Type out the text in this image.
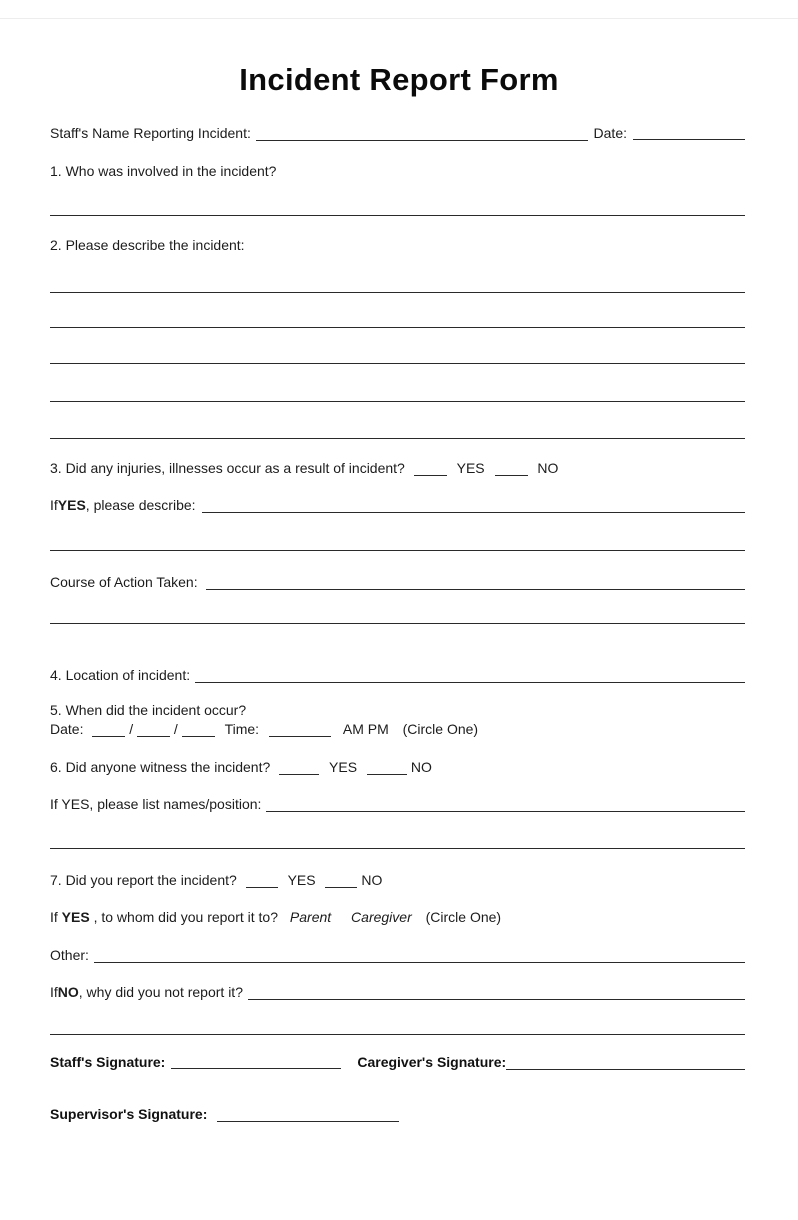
Incident Report Form
Staff's Name Reporting Incident:	Date:
1. Who was involved in the incident?
2. Please describe the incident:
3. Did any injuries, illnesses occur as a result of incident?	YES	NO
If YES , please describe:
Course of Action Taken:
4. Location of incident:
5. When did the incident occur?
Date:	/	/	Time:	AM PM (Circle One)
6. Did anyone witness the incident?	YES	NO
If YES, please list names/position:
7. Did you report the incident?	YES	NO
If YES , to whom did you report it to? Parent Caregiver (Circle One)
Other:
If NO , why did you not report it?
Staff's Signature:	Caregiver's Signature:
Supervisor's Signature:
